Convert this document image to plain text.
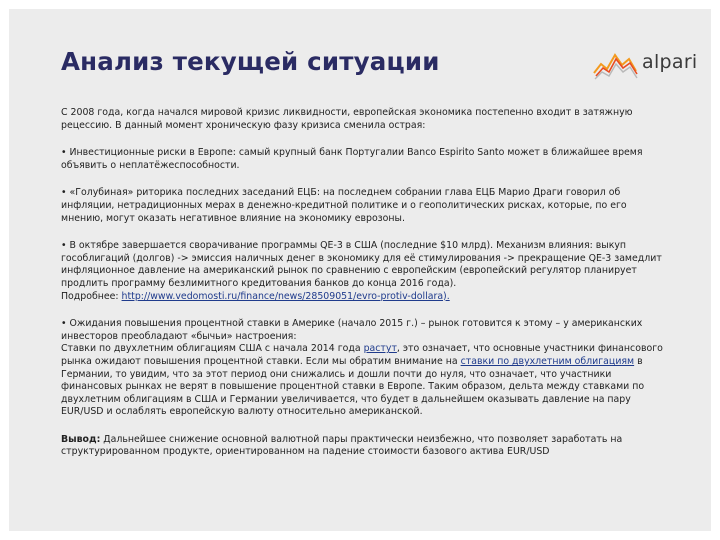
Анализ текущей ситуации	alpari

С 2008 года, когда начался мировой кризис ликвидности, европейская экономика постепенно входит в затяжную рецессию. В данный момент хроническую фазу кризиса сменила острая:

• Инвестиционные риски в Европе: самый крупный банк Португалии Banco Espirito Santo может в ближайшее время объявить о неплатёжеспособности.

• «Голубиная» риторика последних заседаний ЕЦБ: на последнем собрании глава ЕЦБ Марио Драги говорил об инфляции, нетрадиционных мерах в денежно-кредитной политике и о геополитических рисках, которые, по его мнению, могут оказать негативное влияние на экономику еврозоны.

• В октябре завершается сворачивание программы QE-3 в США (последние $10 млрд). Механизм влияния: выкуп гособлигаций (долгов) -> эмиссия наличных денег в экономику для её стимулирования -> прекращение QE-3 замедлит инфляционное давление на американский рынок по сравнению с европейским (европейский регулятор планирует продлить программу безлимитного кредитования банков до конца 2016 года).
Подробнее: http://www.vedomosti.ru/finance/news/28509051/evro-protiv-dollara).

• Ожидания повышения процентной ставки в Америке (начало 2015 г.) – рынок готовится к этому – у американских инвесторов преобладают «бычьи» настроения:
Ставки по двухлетним облигациям США с начала 2014 года растут, это означает, что основные участники финансового рынка ожидают повышения процентной ставки. Если мы обратим внимание на ставки по двухлетним облигациям в Германии, то увидим, что за этот период они снижались и дошли почти до нуля, что означает, что участники финансовых рынках не верят в повышение процентной ставки в Европе. Таким образом, дельта между ставками по двухлетним облигациям в США и Германии увеличивается, что будет в дальнейшем оказывать давление на пару EUR/USD и ослаблять европейскую валюту относительно американской.

Вывод: Дальнейшее снижение основной валютной пары практически неизбежно, что позволяет заработать на структурированном продукте, ориентированном на падение стоимости базового актива EUR/USD
